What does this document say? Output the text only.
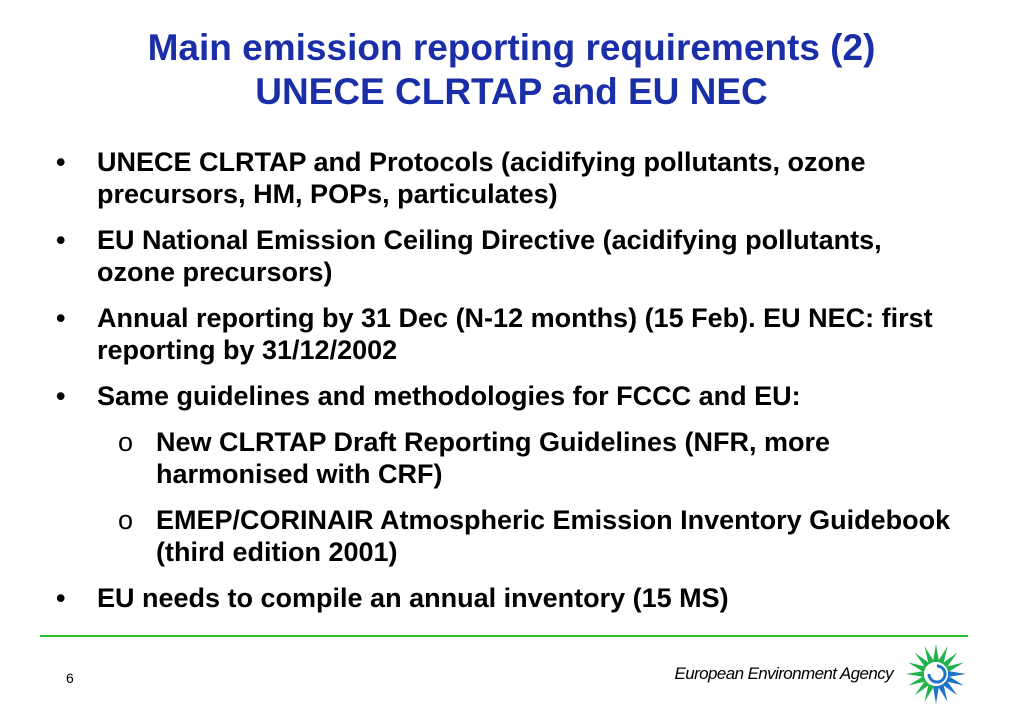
Main emission reporting requirements (2)
UNECE CLRTAP and EU NEC
• UNECE CLRTAP and Protocols (acidifying pollutants, ozone precursors, HM, POPs, particulates)
• EU National Emission Ceiling Directive (acidifying pollutants, ozone precursors)
• Annual reporting by 31 Dec (N-12 months) (15 Feb). EU NEC: first reporting by 31/12/2002
• Same guidelines and methodologies for FCCC and EU:
o New CLRTAP Draft Reporting Guidelines (NFR, more harmonised with CRF)
o EMEP/CORINAIR Atmospheric Emission Inventory Guidebook (third edition 2001)
• EU needs to compile an annual inventory (15 MS)
6	European Environment Agency
